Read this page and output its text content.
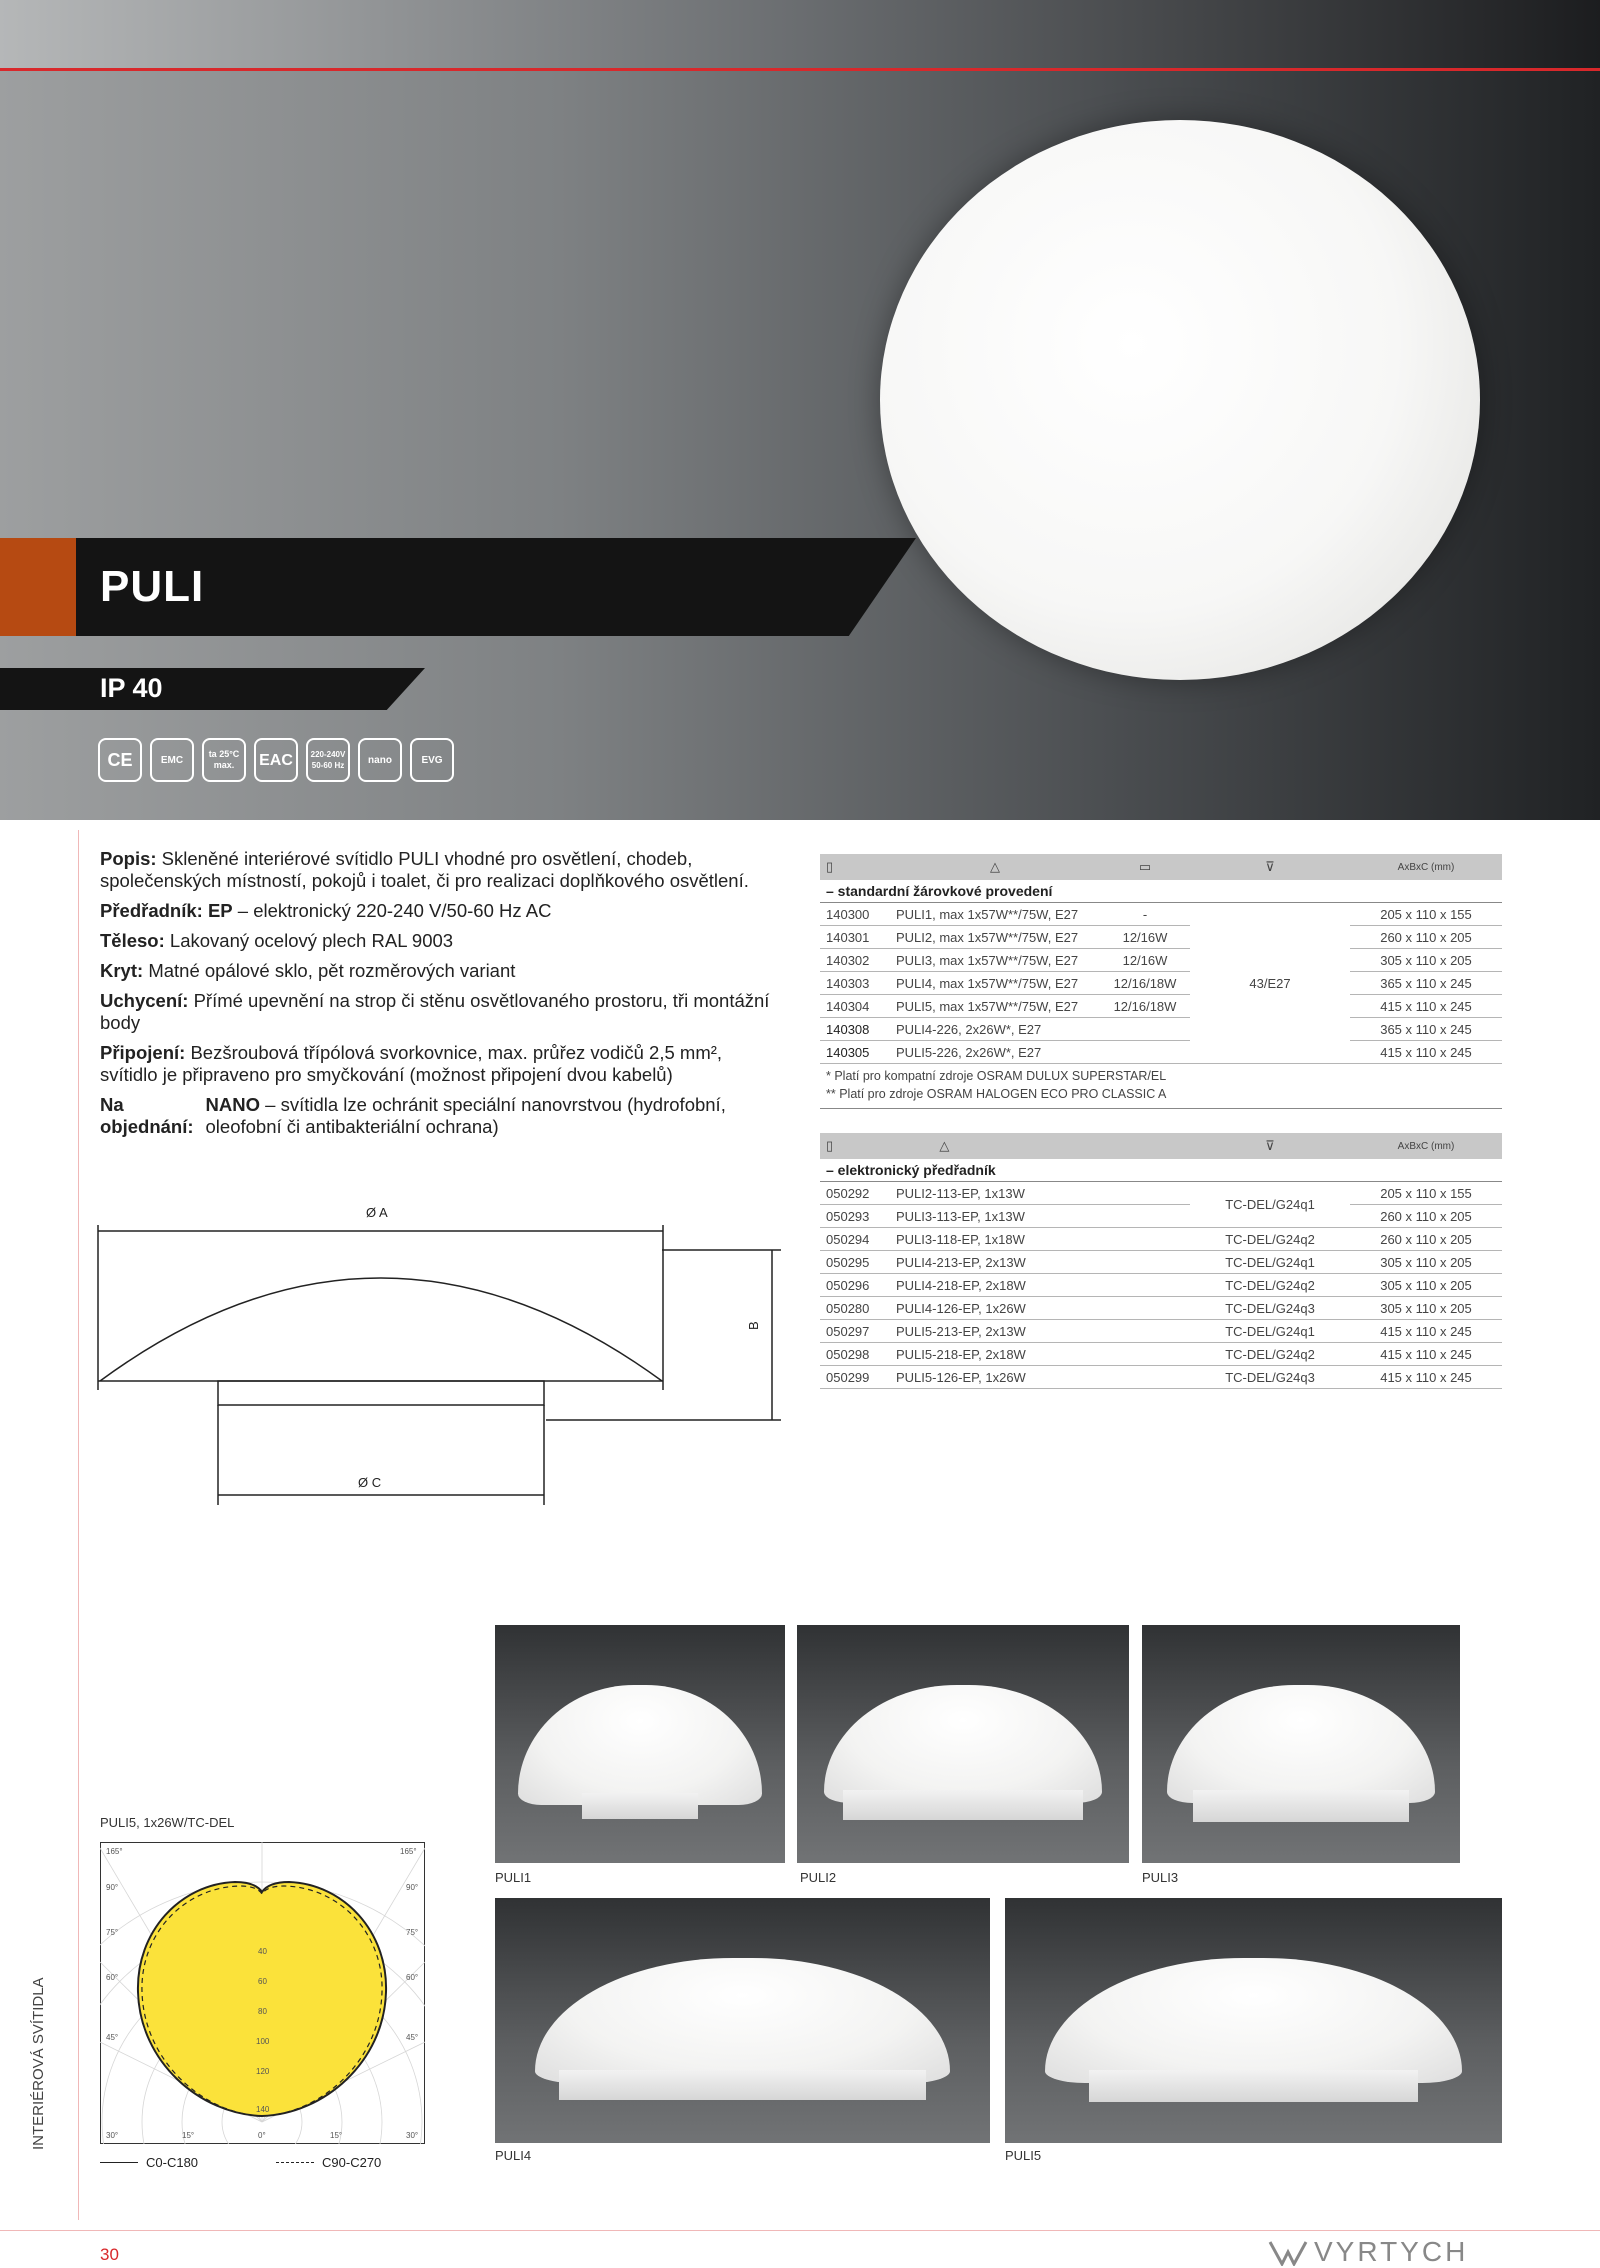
PULI
IP 40
CE	EMC
ta 25°C max.	EAC	220-240V 50-60 Hz	nano	EVG

Popis: Skleněné interiérové svítidlo PULI vhodné pro osvětlení, chodeb, společenských místností, pokojů i toalet, či pro realizaci doplňkového osvětlení.

Předřadník: EP – elektronický 220-240 V/50-60 Hz AC

Těleso: Lakovaný ocelový plech RAL 9003

Kryt: Matné opálové sklo, pět rozměrových variant

Uchycení: Přímé upevnění na strop či stěnu osvětlovaného prostoru, tři montážní body

Připojení: Bezšroubová třípólová svorkovnice, max. průřez vodičů 2,5 mm², svítidlo je připraveno pro smyčkování (možnost připojení dvou kabelů)

Na objednání:
NANO – svítidla lze ochránit speciální nanovrstvou (hydrofobní, oleofobní či antibakteriální ochrana)
Ø A
B
Ø C
▯	△	▭	⊽	AxBxC (mm)
– standardní žárovkové provedení				
140300	PULI1, max 1x57W**/75W, E27	-	43/E27	205 x 110 x 155
140301	PULI2, max 1x57W**/75W, E27	12/16W		260 x 110 x 205
140302	PULI3, max 1x57W**/75W, E27	12/16W		305 x 110 x 205
140303	PULI4, max 1x57W**/75W, E27	12/16/18W		365 x 110 x 245
140304	PULI5, max 1x57W**/75W, E27	12/16/18W		415 x 110 x 245
140308	PULI4-226, 2x26W*, E27			365 x 110 x 245
140305	PULI5-226, 2x26W*, E27			415 x 110 x 245
* Platí pro kompatní zdroje OSRAM DULUX SUPERSTAR/EL
** Platí pro zdroje OSRAM HALOGEN ECO PRO CLASSIC A
▯	△	⊽	AxBxC (mm)
– elektronický předřadník			
050292	PULI2-113-EP, 1x13W	TC-DEL/G24q1	205 x 110 x 155
050293	PULI3-113-EP, 1x13W		260 x 110 x 205
050294	PULI3-118-EP, 1x18W	TC-DEL/G24q2	260 x 110 x 205
050295	PULI4-213-EP, 2x13W	TC-DEL/G24q1	305 x 110 x 205
050296	PULI4-218-EP, 2x18W	TC-DEL/G24q2	305 x 110 x 205
050280	PULI4-126-EP, 1x26W	TC-DEL/G24q3	305 x 110 x 205
050297	PULI5-213-EP, 2x13W	TC-DEL/G24q1	415 x 110 x 245
050298	PULI5-218-EP, 2x18W	TC-DEL/G24q2	415 x 110 x 245
050299	PULI5-126-EP, 1x26W	TC-DEL/G24q3	415 x 110 x 245
PULI5, 1x26W/TC-DEL
165°	165°
90°	90°
75°	75°
60°	60°
45°	45°
30°	15°	0°	15°	30°
40
60
80
100
120
140
C0-C180	C90-C270
PULI1	PULI2	PULI3
PULI4	PULI5
INTERIÉROVÁ SVÍTIDLA
30	VYRTYCH
